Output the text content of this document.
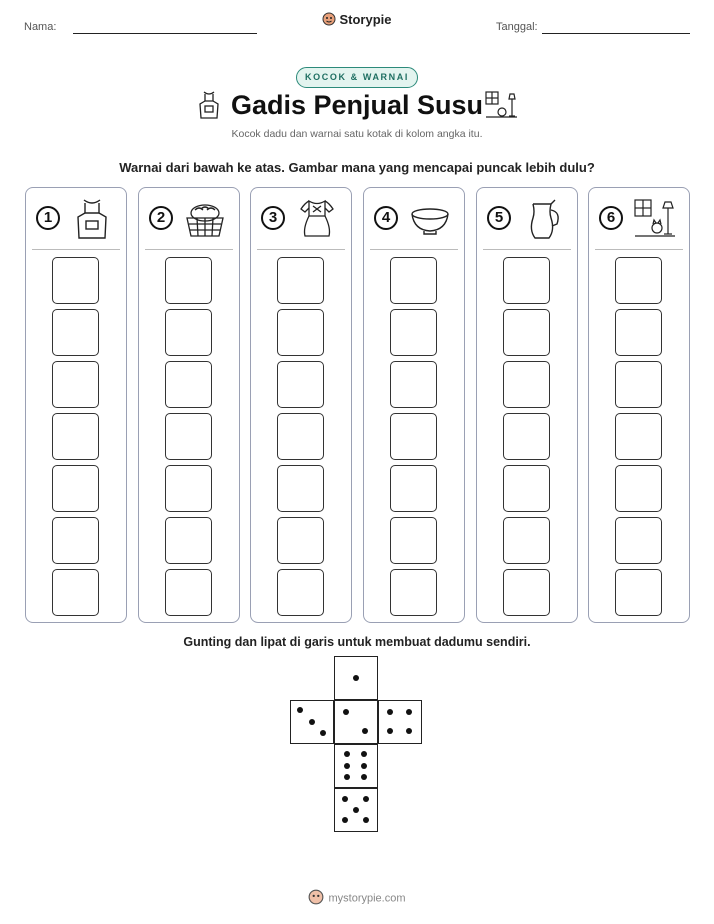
Nama:	Storypie	Tanggal:
KOCOK & WARNAI
Gadis Penjual Susu
Kocok dadu dan warnai satu kotak di kolom angka itu.
Warnai dari bawah ke atas. Gambar mana yang mencapai puncak lebih dulu?
1	2	3	4	5	6
Gunting dan lipat di garis untuk membuat dadumu sendiri.
mystorypie.com
